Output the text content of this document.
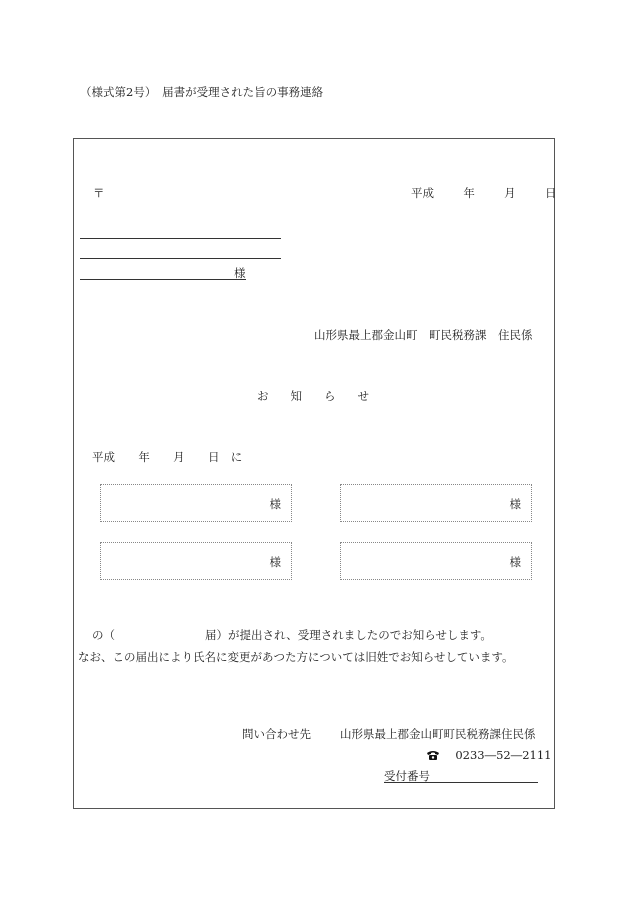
（様式第2号）　届書が受理された旨の事務連絡
〒	平成	年	月	日
様
山形県最上郡金山町　町民税務課　住民係
お 知 ら せ
平成 年 月 日 に
様	様
様	様
の（	届）が提出され、受理されましたのでお知らせします。
なお、この届出により氏名に変更があつた方については旧姓でお知らせしています。
問い合わせ先	山形県最上郡金山町町民税務課住民係
0233―52―2111
受付番号
